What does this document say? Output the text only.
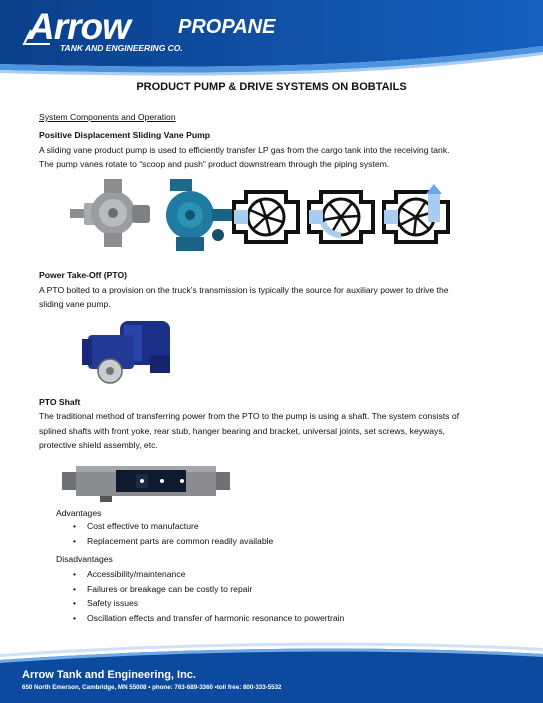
Arrow
TANK AND ENGINEERING CO.
PROPANE
PRODUCT PUMP & DRIVE SYSTEMS ON BOBTAILS
System Components and Operation
Positive Displacement Sliding Vane Pump
A sliding vane product pump is used to efficiently transfer LP gas from the cargo tank into the receiving tank.
The pump vanes rotate to “scoop and push” product downstream through the piping system.
Power Take-Off (PTO)
A PTO bolted to a provision on the truck’s transmission is typically the source for auxiliary power to drive the
sliding vane pump.
PTO Shaft
The traditional method of transferring power from the PTO to the pump is using a shaft. The system consists of
splined shafts with front yoke, rear stub, hanger bearing and bracket, universal joints, set screws, keyways,
protective shield assembly, etc.
Advantages
• Cost effective to manufacture
• Replacement parts are common readily available
Disadvantages
• Accessibility/maintenance
• Failures or breakage can be costly to repair
• Safety issues
• Oscillation effects and transfer of harmonic resonance to powertrain
Arrow Tank and Engineering, Inc.
650 North Emerson, Cambridge, MN 55008 • phone: 763-689-3360 •toll free: 800-333-5532
